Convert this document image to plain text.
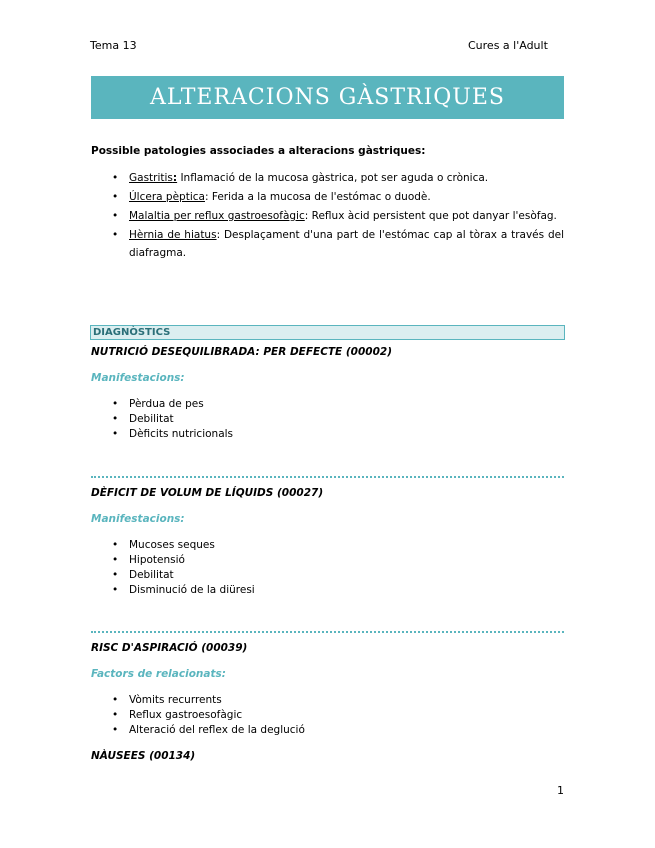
Tema 13	Cures a l'Adult
ALTERACIONS GÀSTRIQUES
Possible patologies associades a alteracions gàstriques:
• Gastritis: Inflamació de la mucosa gàstrica, pot ser aguda o crònica.
• Úlcera pèptica: Ferida a la mucosa de l'estómac o duodè.
• Malaltia per reflux gastroesofàgic: Reflux àcid persistent que pot danyar l'esòfag.
• Hèrnia de hiatus: Desplaçament d'una part de l'estómac cap al tòrax a través del diafragma.
DIAGNÒSTICS
NUTRICIÓ DESEQUILIBRADA: PER DEFECTE (00002)
Manifestacions:
• Pèrdua de pes
• Debilitat
• Dèficits nutricionals
DÈFICIT DE VOLUM DE LÍQUIDS (00027)
Manifestacions:
• Mucoses seques
• Hipotensió
• Debilitat
• Disminució de la diüresi
RISC D'ASPIRACIÓ (00039)
Factors de relacionats:
• Vòmits recurrents
• Reflux gastroesofàgic
• Alteració del reflex de la deglució
NÀUSEES (00134)
1
